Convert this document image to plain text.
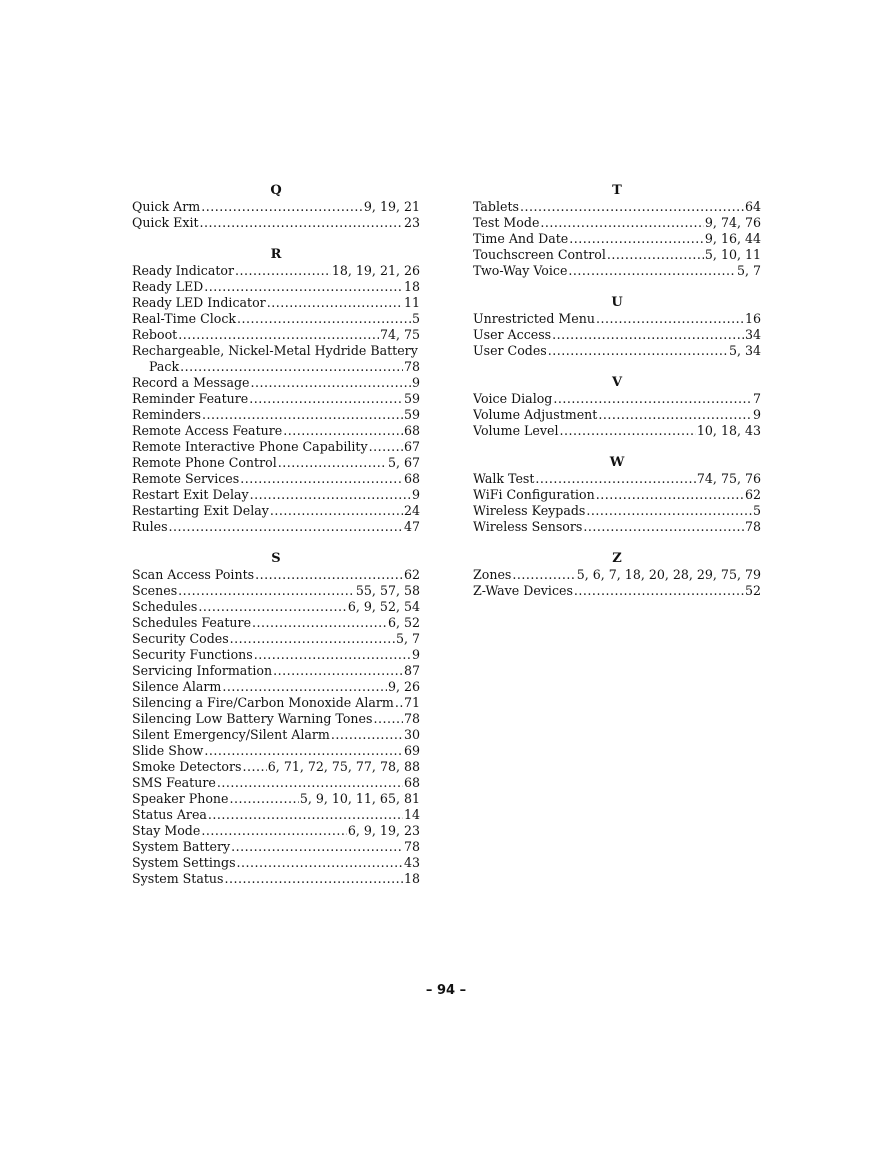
Q
Quick Arm .....	9, 19, 21
Quick Exit .....	23
R
Ready Indicator .....	18, 19, 21, 26
Ready LED .....	18
Ready LED Indicator .....	11
Real-Time Clock .....	5
Reboot .....	74, 75
Rechargeable, Nickel-Metal Hydride Battery
Pack .....	78
Record a Message .....	9
Reminder Feature .....	59
Reminders .....	59
Remote Access Feature .....	68
Remote Interactive Phone Capability .....	67
Remote Phone Control .....	5, 67
Remote Services .....	68
Restart Exit Delay .....	9
Restarting Exit Delay .....	24
Rules .....	47
S
Scan Access Points .....	62
Scenes .....	55, 57, 58
Schedules .....	6, 9, 52, 54
Schedules Feature .....	6, 52
Security Codes .....	5, 7
Security Functions .....	9
Servicing Information .....	87
Silence Alarm .....	9, 26
Silencing a Fire/Carbon Monoxide Alarm ..... 71
Silencing Low Battery Warning Tones .....	78
Silent Emergency/Silent Alarm .....	30
Slide Show .....	69
Smoke Detectors ..... 6, 71, 72, 75, 77, 78, 88
SMS Feature .....	68
Speaker Phone .....	5, 9, 10, 11, 65, 81
Status Area .....	14
Stay Mode .....	6, 9, 19, 23
System Battery .....	78
System Settings .....	43
System Status .....	18
T
Tablets .....	64
Test Mode .....	9, 74, 76
Time And Date .....	9, 16, 44
Touchscreen Control .....	5, 10, 11
Two-Way Voice .....	5, 7
U
Unrestricted Menu .....	16
User Access .....	34
User Codes .....	5, 34
V
Voice Dialog .....	7
Volume Adjustment .....	9
Volume Level .....	10, 18, 43
W
Walk Test .....	74, 75, 76
WiFi Configuration .....	62
Wireless Keypads .....	5
Wireless Sensors .....	78
Z
Zones .....	5, 6, 7, 18, 20, 28, 29, 75, 79
Z-Wave Devices .....	52
– 94 –
